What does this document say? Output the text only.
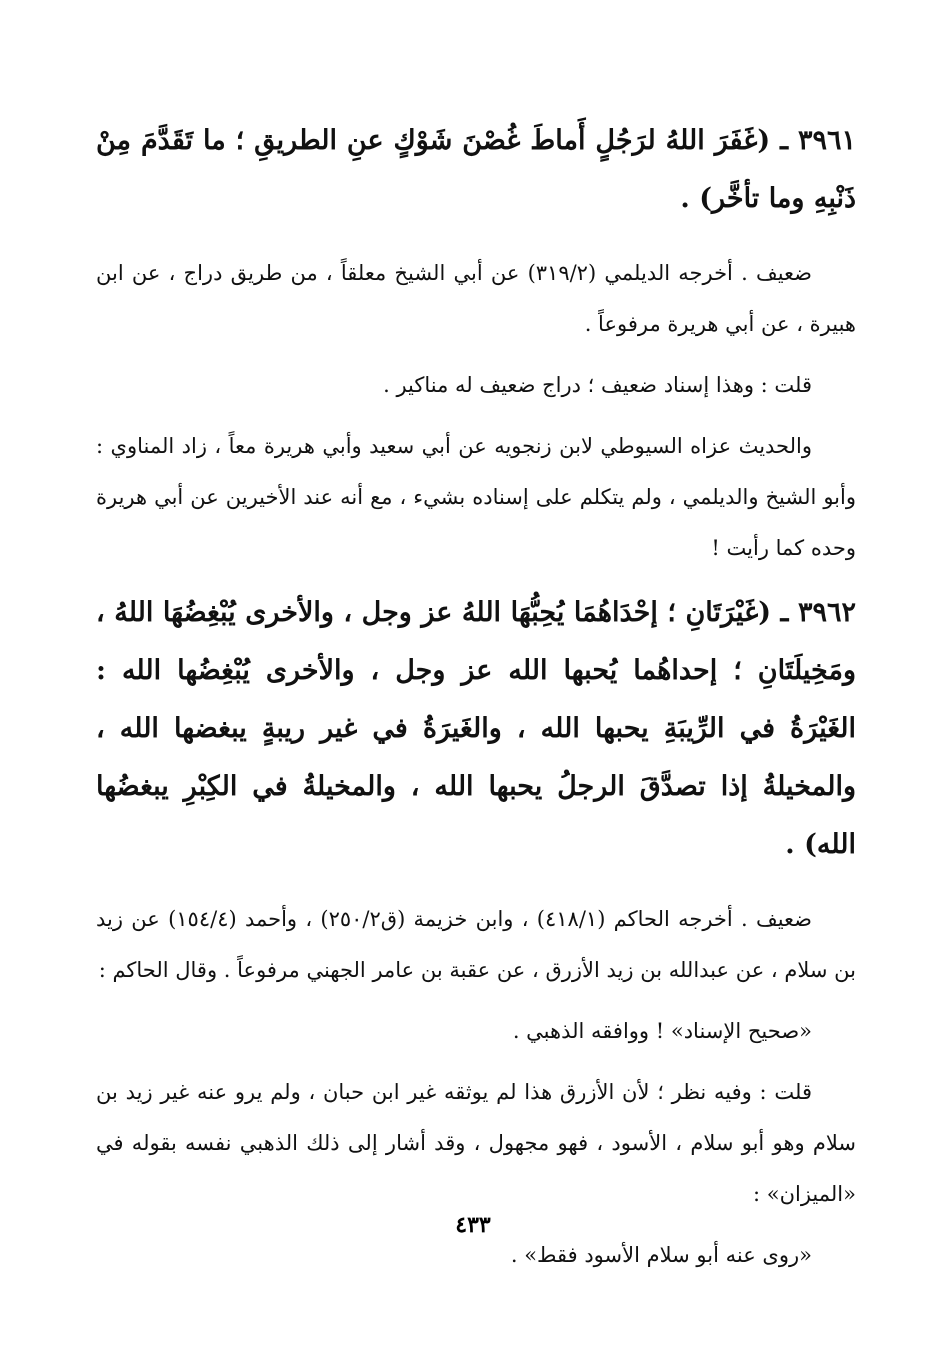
٣٩٦١ ـ (غَفَرَ اللهُ لرَجُلٍ أَماطَ غُصْنَ شَوْكٍ عنِ الطريقِ ؛ ما تَقَدَّمَ مِنْ ذَنْبِهِ وما تأخَّر) .

ضعيف . أخرجه الديلمي (٣١٩/٢) عن أبي الشيخ معلقاً ، من طريق دراج ، عن ابن هبيرة ، عن أبي هريرة مرفوعاً .

قلت : وهذا إسناد ضعيف ؛ دراج ضعيف له مناكير .

والحديث عزاه السيوطي لابن زنجويه عن أبي سعيد وأبي هريرة معاً ، زاد المناوي : وأبو الشيخ والديلمي ، ولم يتكلم على إسناده بشيء ، مع أنه عند الأخيرين عن أبي هريرة وحده كما رأيت !

٣٩٦٢ ـ (غَيْرَتَانِ ؛ إحْدَاهُمَا يُحِبُّهَا اللهُ عز وجل ، والأخرى يُبْغِضُهَا اللهُ ، ومَخِيلَتَانِ ؛ إحداهُما يُحبها الله عز وجل ، والأخرى يُبْغِضُها الله : الغَيْرَةُ في الرِّيبَةِ يحبها الله ، والغَيرَةُ في غير ريبةٍ يبغضها الله ، والمخيلةُ إذا تصدَّقَ الرجلُ يحبها الله ، والمخيلةُ في الكِبْرِ يبغضُها الله) .

ضعيف . أخرجه الحاكم (٤١٨/١) ، وابن خزيمة (ق٢٥٠/٢) ، وأحمد (١٥٤/٤) عن زيد بن سلام ، عن عبدالله بن زيد الأزرق ، عن عقبة بن عامر الجهني مرفوعاً . وقال الحاكم :

«صحيح الإسناد» ! ووافقه الذهبي .

قلت : وفيه نظر ؛ لأن الأزرق هذا لم يوثقه غير ابن حبان ، ولم يرو عنه غير زيد بن سلام وهو أبو سلام ، الأسود ، فهو مجهول ، وقد أشار إلى ذلك الذهبي نفسه بقوله في «الميزان» :

«روى عنه أبو سلام الأسود فقط» .

٤٣٣
